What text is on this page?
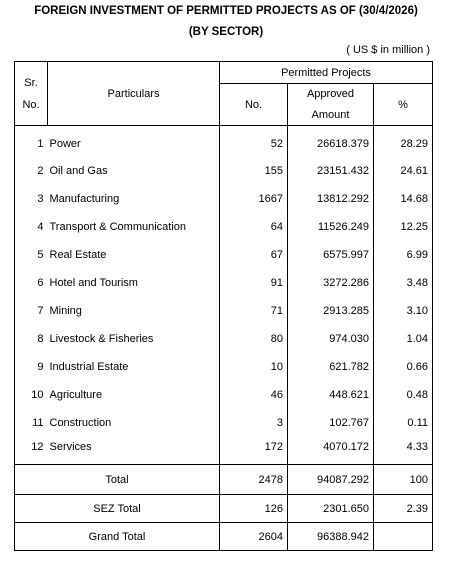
FOREIGN INVESTMENT OF PERMITTED PROJECTS AS OF (30/4/2026)
(BY SECTOR)
( US $ in million )
Sr.
No.	Particulars	Permitted Projects		
		No.	Approved	%
			Amount	
1	Power	52	26618.379	28.29
2	Oil and Gas	155	23151.432	24.61
3	Manufacturing	1667	13812.292	14.68
4	Transport & Communication	64	11526.249	12.25
5	Real Estate	67	6575.997	6.99
6	Hotel and Tourism	91	3272.286	3.48
7	Mining	71	2913.285	3.10
8	Livestock & Fisheries	80	974.030	1.04
9	Industrial Estate	10	621.782	0.66
10	Agriculture	46	448.621	0.48
11	Construction	3	102.767	0.11
12	Services	172	4070.172	4.33
Total		2478	94087.292	100
SEZ Total		126	2301.650	2.39
Grand Total		2604	96388.942	
